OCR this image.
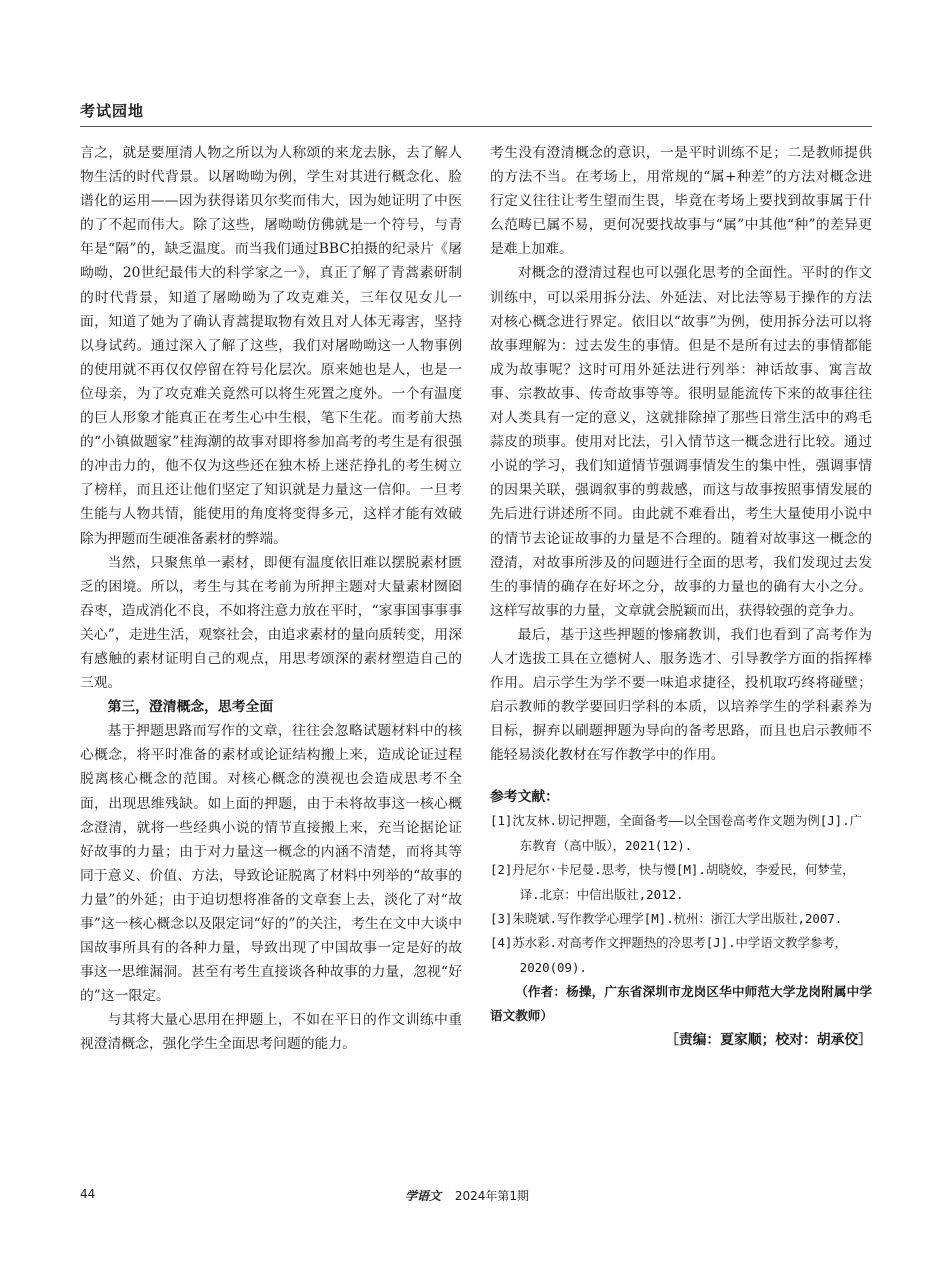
考试园地

言之，就是要厘清人物之所以为人称颂的来龙去脉，去了解人物生活的时代背景。以屠呦呦为例，学生对其进行概念化、脸谱化的运用——因为获得诺贝尔奖而伟大，因为她证明了中医的了不起而伟大。除了这些，屠呦呦仿佛就是一个符号，与青年是“隔”的，缺乏温度。而当我们通过BBC拍摄的纪录片《屠呦呦，20世纪最伟大的科学家之一》，真正了解了青蒿素研制的时代背景，知道了屠呦呦为了攻克难关，三年仅见女儿一面，知道了她为了确认青蒿提取物有效且对人体无毒害，坚持以身试药。通过深入了解了这些，我们对屠呦呦这一人物事例的使用就不再仅仅停留在符号化层次。原来她也是人，也是一位母亲，为了攻克难关竟然可以将生死置之度外。一个有温度的巨人形象才能真正在考生心中生根，笔下生花。而考前大热的“小镇做题家”桂海潮的故事对即将参加高考的考生是有很强的冲击力的，他不仅为这些还在独木桥上迷茫挣扎的考生树立了榜样，而且还让他们坚定了知识就是力量这一信仰。一旦考生能与人物共情，能使用的角度将变得多元，这样才能有效破除为押题而生硬准备素材的弊端。

当然，只聚焦单一素材，即便有温度依旧难以摆脱素材匮乏的困境。所以，考生与其在考前为所押主题对大量素材囫囵吞枣，造成消化不良，不如将注意力放在平时，“家事国事事事关心”，走进生活，观察社会，由追求素材的量向质转变，用深有感触的素材证明自己的观点，用思考颂深的素材塑造自己的三观。

第三，澄清概念，思考全面

基于押题思路而写作的文章，往往会忽略试题材料中的核心概念，将平时准备的素材或论证结构搬上来，造成论证过程脱离核心概念的范围。对核心概念的漠视也会造成思考不全面，出现思维残缺。如上面的押题，由于未将故事这一核心概念澄清，就将一些经典小说的情节直接搬上来，充当论据论证好故事的力量；由于对力量这一概念的内涵不清楚，而将其等同于意义、价值、方法，导致论证脱离了材料中列举的“故事的力量”的外延；由于迫切想将准备的文章套上去，淡化了对“故事”这一核心概念以及限定词“好的”的关注，考生在文中大谈中国故事所具有的各种力量，导致出现了中国故事一定是好的故事这一思维漏洞。甚至有考生直接谈各种故事的力量，忽视“好的”这一限定。

与其将大量心思用在押题上，不如在平日的作文训练中重视澄清概念，强化学生全面思考问题的能力。

考生没有澄清概念的意识，一是平时训练不足；二是教师提供的方法不当。在考场上，用常规的“属+种差”的方法对概念进行定义往往让考生望而生畏，毕竟在考场上要找到故事属于什么范畴已属不易，更何况要找故事与“属”中其他“种”的差异更是难上加难。

对概念的澄清过程也可以强化思考的全面性。平时的作文训练中，可以采用拆分法、外延法、对比法等易于操作的方法对核心概念进行界定。依旧以“故事”为例，使用拆分法可以将故事理解为：过去发生的事情。但是不是所有过去的事情都能成为故事呢？这时可用外延法进行列举：神话故事、寓言故事、宗教故事、传奇故事等等。很明显能流传下来的故事往往对人类具有一定的意义，这就排除掉了那些日常生活中的鸡毛蒜皮的琐事。使用对比法，引入情节这一概念进行比较。通过小说的学习，我们知道情节强调事情发生的集中性，强调事情的因果关联，强调叙事的剪裁感，而这与故事按照事情发展的先后进行讲述所不同。由此就不难看出，考生大量使用小说中的情节去论证故事的力量是不合理的。随着对故事这一概念的澄清，对故事所涉及的问题进行全面的思考，我们发现过去发生的事情的确存在好坏之分，故事的力量也的确有大小之分。这样写故事的力量，文章就会脱颖而出，获得较强的竞争力。

最后，基于这些押题的惨痛教训，我们也看到了高考作为人才选拔工具在立德树人、服务选才、引导教学方面的指挥棒作用。启示学生为学不要一味追求捷径，投机取巧终将碰壁；启示教师的教学要回归学科的本质，以培养学生的学科素养为目标，摒弃以刷题押题为导向的备考思路，而且也启示教师不能轻易淡化教材在写作教学中的作用。

参考文献：
[1]沈友林.切记押题，全面备考——以全国卷高考作文题为例[J].广东教育（高中版），2021(12).
[2]丹尼尔·卡尼曼.思考，快与慢[M].胡晓姣，李爱民，何梦莹，译.北京：中信出版社,2012.
[3]朱晓斌.写作教学心理学[M].杭州：浙江大学出版社,2007.
[4]苏水彩.对高考作文押题热的冷思考[J].中学语文教学参考，2020(09).
（作者：杨操，广东省深圳市龙岗区华中师范大学龙岗附属中学语文教师）
［责编：夏家顺；校对：胡承佼］
44	学语文 2024年第1期
